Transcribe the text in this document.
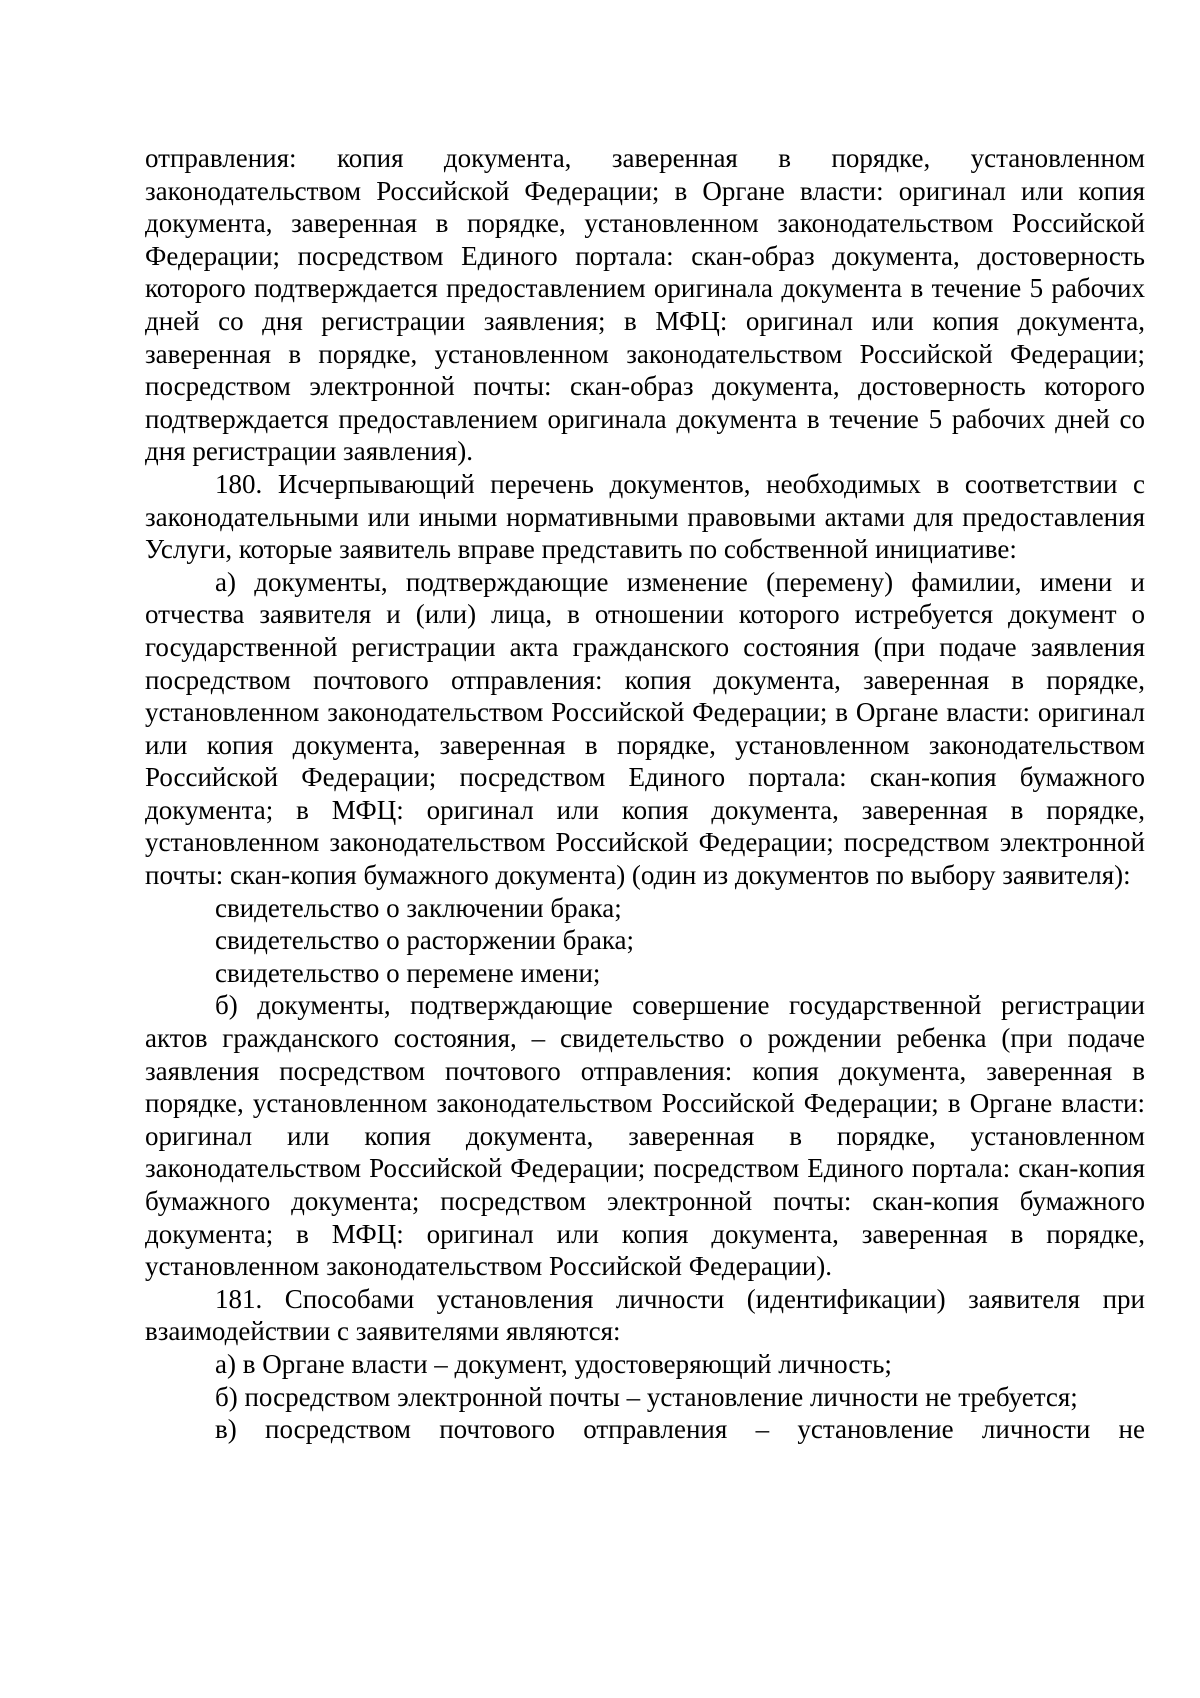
отправления: копия документа, заверенная в порядке, установленном законодательством Российской Федерации; в Органе власти: оригинал или копия документа, заверенная в порядке, установленном законодательством Российской Федерации; посредством Единого портала: скан-образ документа, достоверность которого подтверждается предоставлением оригинала документа в течение 5 рабочих дней со дня регистрации заявления; в МФЦ: оригинал или копия документа, заверенная в порядке, установленном законодательством Российской Федерации; посредством электронной почты: скан-образ документа, достоверность которого подтверждается предоставлением оригинала документа в течение 5 рабочих дней со дня регистрации заявления).

180. Исчерпывающий перечень документов, необходимых в соответствии с законодательными или иными нормативными правовыми актами для предоставления Услуги, которые заявитель вправе представить по собственной инициативе:

а) документы, подтверждающие изменение (перемену) фамилии, имени и отчества заявителя и (или) лица, в отношении которого истребуется документ о государственной регистрации акта гражданского состояния (при подаче заявления посредством почтового отправления: копия документа, заверенная в порядке, установленном законодательством Российской Федерации; в Органе власти: оригинал или копия документа, заверенная в порядке, установленном законодательством Российской Федерации; посредством Единого портала: скан-копия бумажного документа; в МФЦ: оригинал или копия документа, заверенная в порядке, установленном законодательством Российской Федерации; посредством электронной почты: скан-копия бумажного документа) (один из документов по выбору заявителя):

свидетельство о заключении брака;

свидетельство о расторжении брака;

свидетельство о перемене имени;

б) документы, подтверждающие совершение государственной регистрации актов гражданского состояния, – свидетельство о рождении ребенка (при подаче заявления посредством почтового отправления: копия документа, заверенная в порядке, установленном законодательством Российской Федерации; в Органе власти: оригинал или копия документа, заверенная в порядке, установленном законодательством Российской Федерации; посредством Единого портала: скан-копия бумажного документа; посредством электронной почты: скан-копия бумажного документа; в МФЦ: оригинал или копия документа, заверенная в порядке, установленном законодательством Российской Федерации).

181. Способами установления личности (идентификации) заявителя при взаимодействии с заявителями являются:

а) в Органе власти – документ, удостоверяющий личность;

б) посредством электронной почты – установление личности не требуется;

в) посредством почтового отправления – установление личности не
